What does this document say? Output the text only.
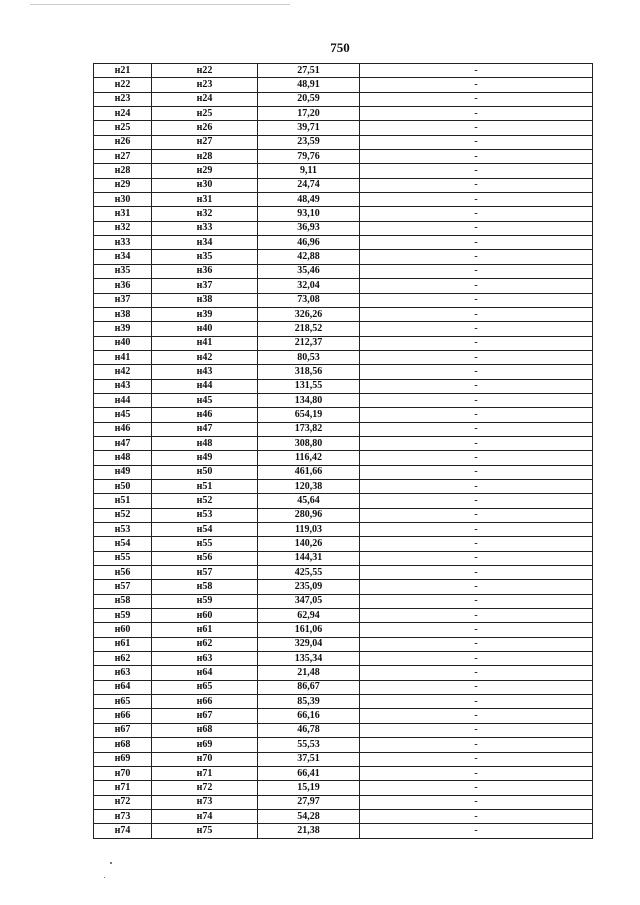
750
н21	н22	27,51	-
н22	н23	48,91	-
н23	н24	20,59	-
н24	н25	17,20	-
н25	н26	39,71	-
н26	н27	23,59	-
н27	н28	79,76	-
н28	н29	9,11	-
н29	н30	24,74	-
н30	н31	48,49	-
н31	н32	93,10	-
н32	н33	36,93	-
н33	н34	46,96	-
н34	н35	42,88	-
н35	н36	35,46	-
н36	н37	32,04	-
н37	н38	73,08	-
н38	н39	326,26	-
н39	н40	218,52	-
н40	н41	212,37	-
н41	н42	80,53	-
н42	н43	318,56	-
н43	н44	131,55	-
н44	н45	134,80	-
н45	н46	654,19	-
н46	н47	173,82	-
н47	н48	308,80	-
н48	н49	116,42	-
н49	н50	461,66	-
н50	н51	120,38	-
н51	н52	45,64	-
н52	н53	280,96	-
н53	н54	119,03	-
н54	н55	140,26	-
н55	н56	144,31	-
н56	н57	425,55	-
н57	н58	235,09	-
н58	н59	347,05	-
н59	н60	62,94	-
н60	н61	161,06	-
н61	н62	329,04	-
н62	н63	135,34	-
н63	н64	21,48	-
н64	н65	86,67	-
н65	н66	85,39	-
н66	н67	66,16	-
н67	н68	46,78	-
н68	н69	55,53	-
н69	н70	37,51	-
н70	н71	66,41	-
н71	н72	15,19	-
н72	н73	27,97	-
н73	н74	54,28	-
н74	н75	21,38	-
